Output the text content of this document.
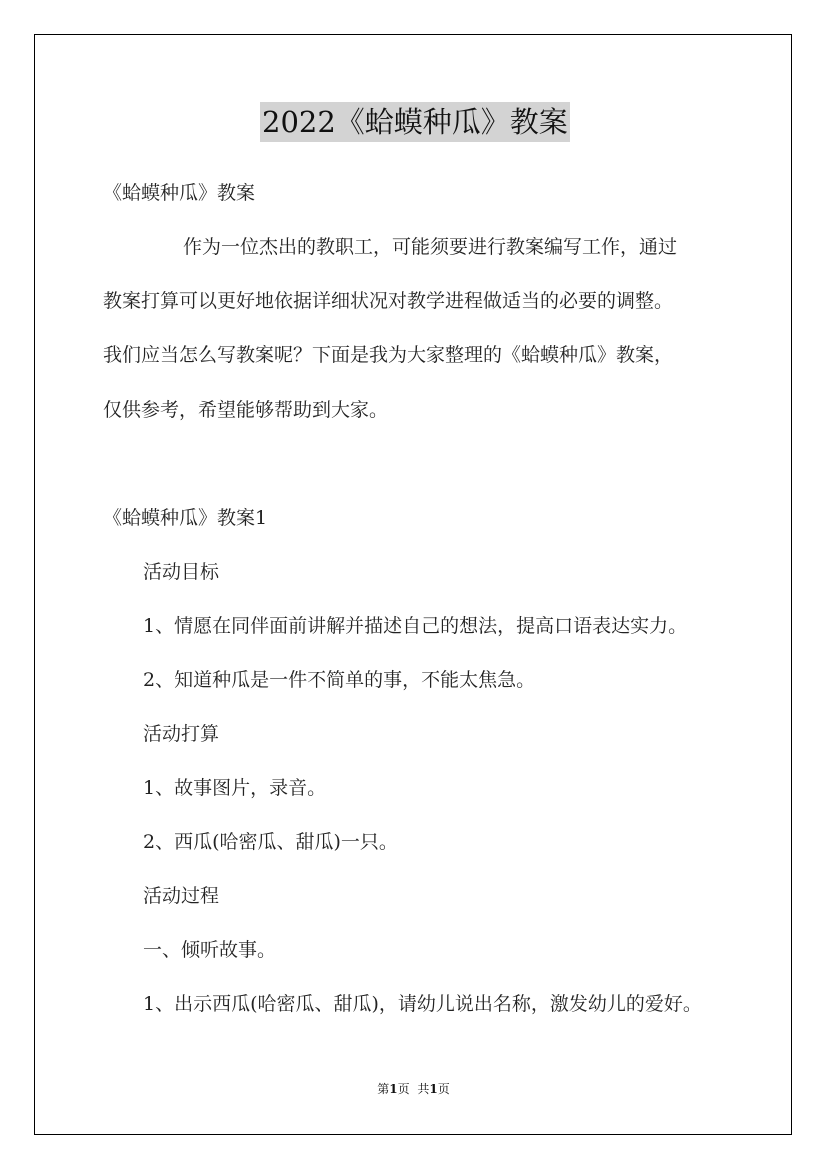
2022《蛤蟆种瓜》教案
《蛤蟆种瓜》教案
作为一位杰出的教职工，可能须要进行教案编写工作，通过
教案打算可以更好地依据详细状况对教学进程做适当的必要的调整。
我们应当怎么写教案呢？下面是我为大家整理的《蛤蟆种瓜》教案，
仅供参考，希望能够帮助到大家。
《蛤蟆种瓜》教案1
活动目标
1、情愿在同伴面前讲解并描述自己的想法，提高口语表达实力。
2、知道种瓜是一件不简单的事，不能太焦急。
活动打算
1、故事图片，录音。
2、西瓜(哈密瓜、甜瓜)一只。
活动过程
一、倾听故事。
1、出示西瓜(哈密瓜、甜瓜)，请幼儿说出名称，激发幼儿的爱好。
第1页 共1页
